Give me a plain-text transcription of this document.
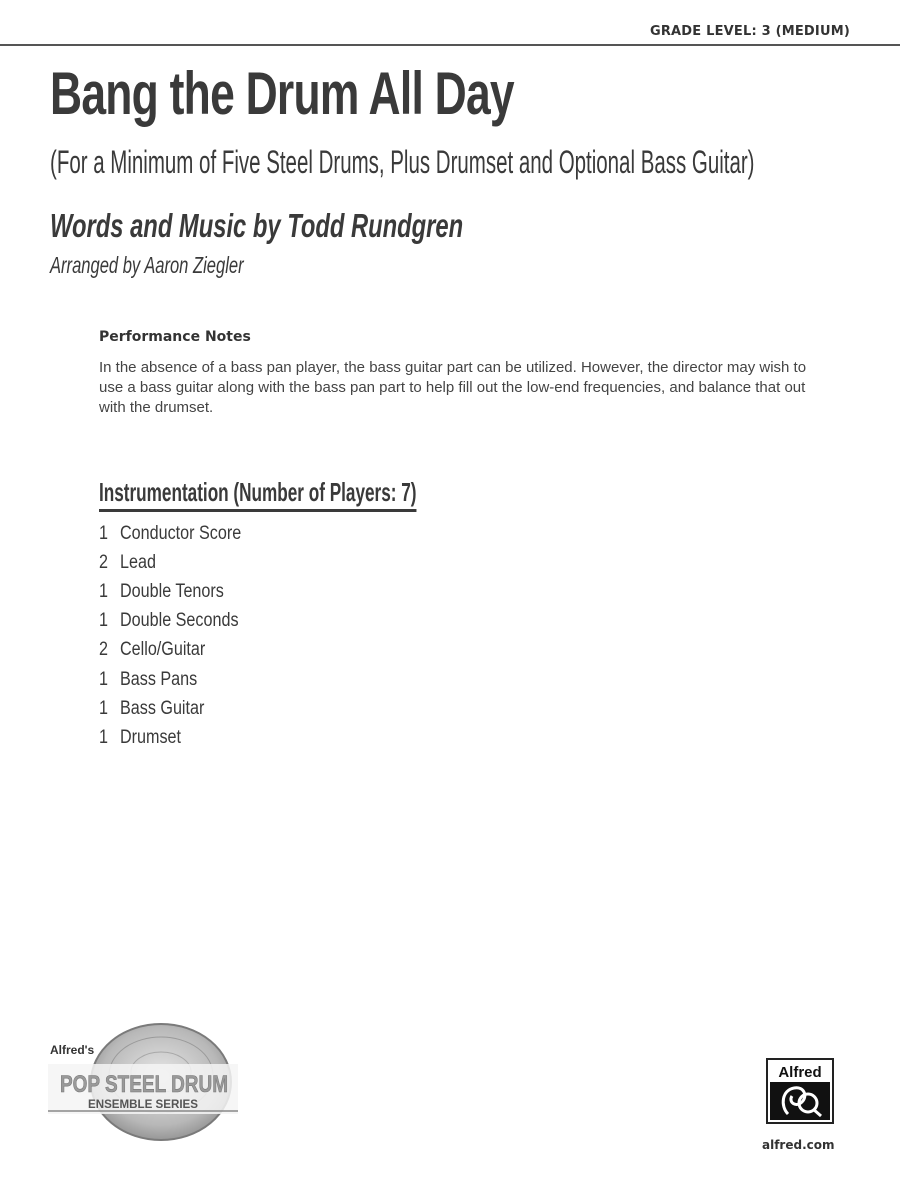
GRADE LEVEL: 3 (MEDIUM)
Bang the Drum All Day
(For a Minimum of Five Steel Drums, Plus Drumset and Optional Bass Guitar)
Words and Music by Todd Rundgren
Arranged by Aaron Ziegler
Performance Notes

In the absence of a bass pan player, the bass guitar part can be utilized. However, the director may wish to use a bass guitar along with the bass pan part to help fill out the low-end frequencies, and balance that out with the drumset.

Instrumentation (Number of Players: 7)
1 Conductor Score
2 Lead
1 Double Tenors
1 Double Seconds
2 Cello/Guitar
1 Bass Pans
1 Bass Guitar
1 Drumset
Alfred's
POP STEEL DRUM
ENSEMBLE SERIES
Alfred
alfred.com
